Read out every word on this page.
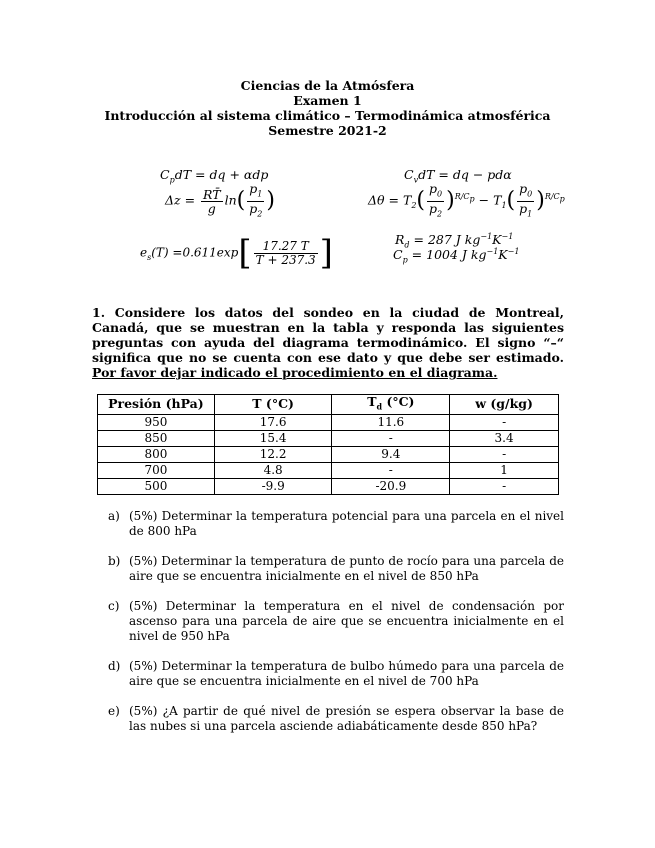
Ciencias de la Atmósfera
Examen 1
Introducción al sistema climático – Termodinámica atmosférica
Semestre 2021-2
$C_pdT$ = dq + αdp	$C_vdT$ = dq − pdα
$\Delta z = \frac{RT̄}{g} \ln( \frac{p_1}{p_2}$ )	$\Delta\theta = T_2( \frac{p_0}{p_2} )^{R/C_p} - T_1( \frac{p_0}{p_1} )^{R/C_p}$
$e_s(T) =0.611\exp[ \frac{17.27 T}{T + 237.3}$ ]	$R_d = 287$ J $kg^{-1}K^{-1}$
$C_p = 1004$ J $kg^{-1}K^{-1}$
1. Considere los datos del sondeo en la ciudad de Montreal, Canadá, que se muestran en la tabla y responda las siguientes preguntas con ayuda del diagrama termodinámico. El signo “–“ significa que no se cuenta con ese dato y que debe ser estimado. Por favor dejar indicado el procedimiento en el diagrama.
Presión (hPa)	T (°C)	$T_d$ (°C)	w (g/kg)
950	17.6	11.6	-
850	15.4	-	3.4
800	12.2	9.4	-
700	4.8	-	1
500	-9.9	-20.9	-
a) (5%) Determinar la temperatura potencial para una parcela en el nivel de 800 hPa
b) (5%) Determinar la temperatura de punto de rocío para una parcela de aire que se encuentra inicialmente en el nivel de 850 hPa
c) (5%) Determinar la temperatura en el nivel de condensación por ascenso para una parcela de aire que se encuentra inicialmente en el nivel de 950 hPa
d) (5%) Determinar la temperatura de bulbo húmedo para una parcela de aire que se encuentra inicialmente en el nivel de 700 hPa
e) (5%) ¿A partir de qué nivel de presión se espera observar la base de las nubes si una parcela asciende adiabáticamente desde 850 hPa?
